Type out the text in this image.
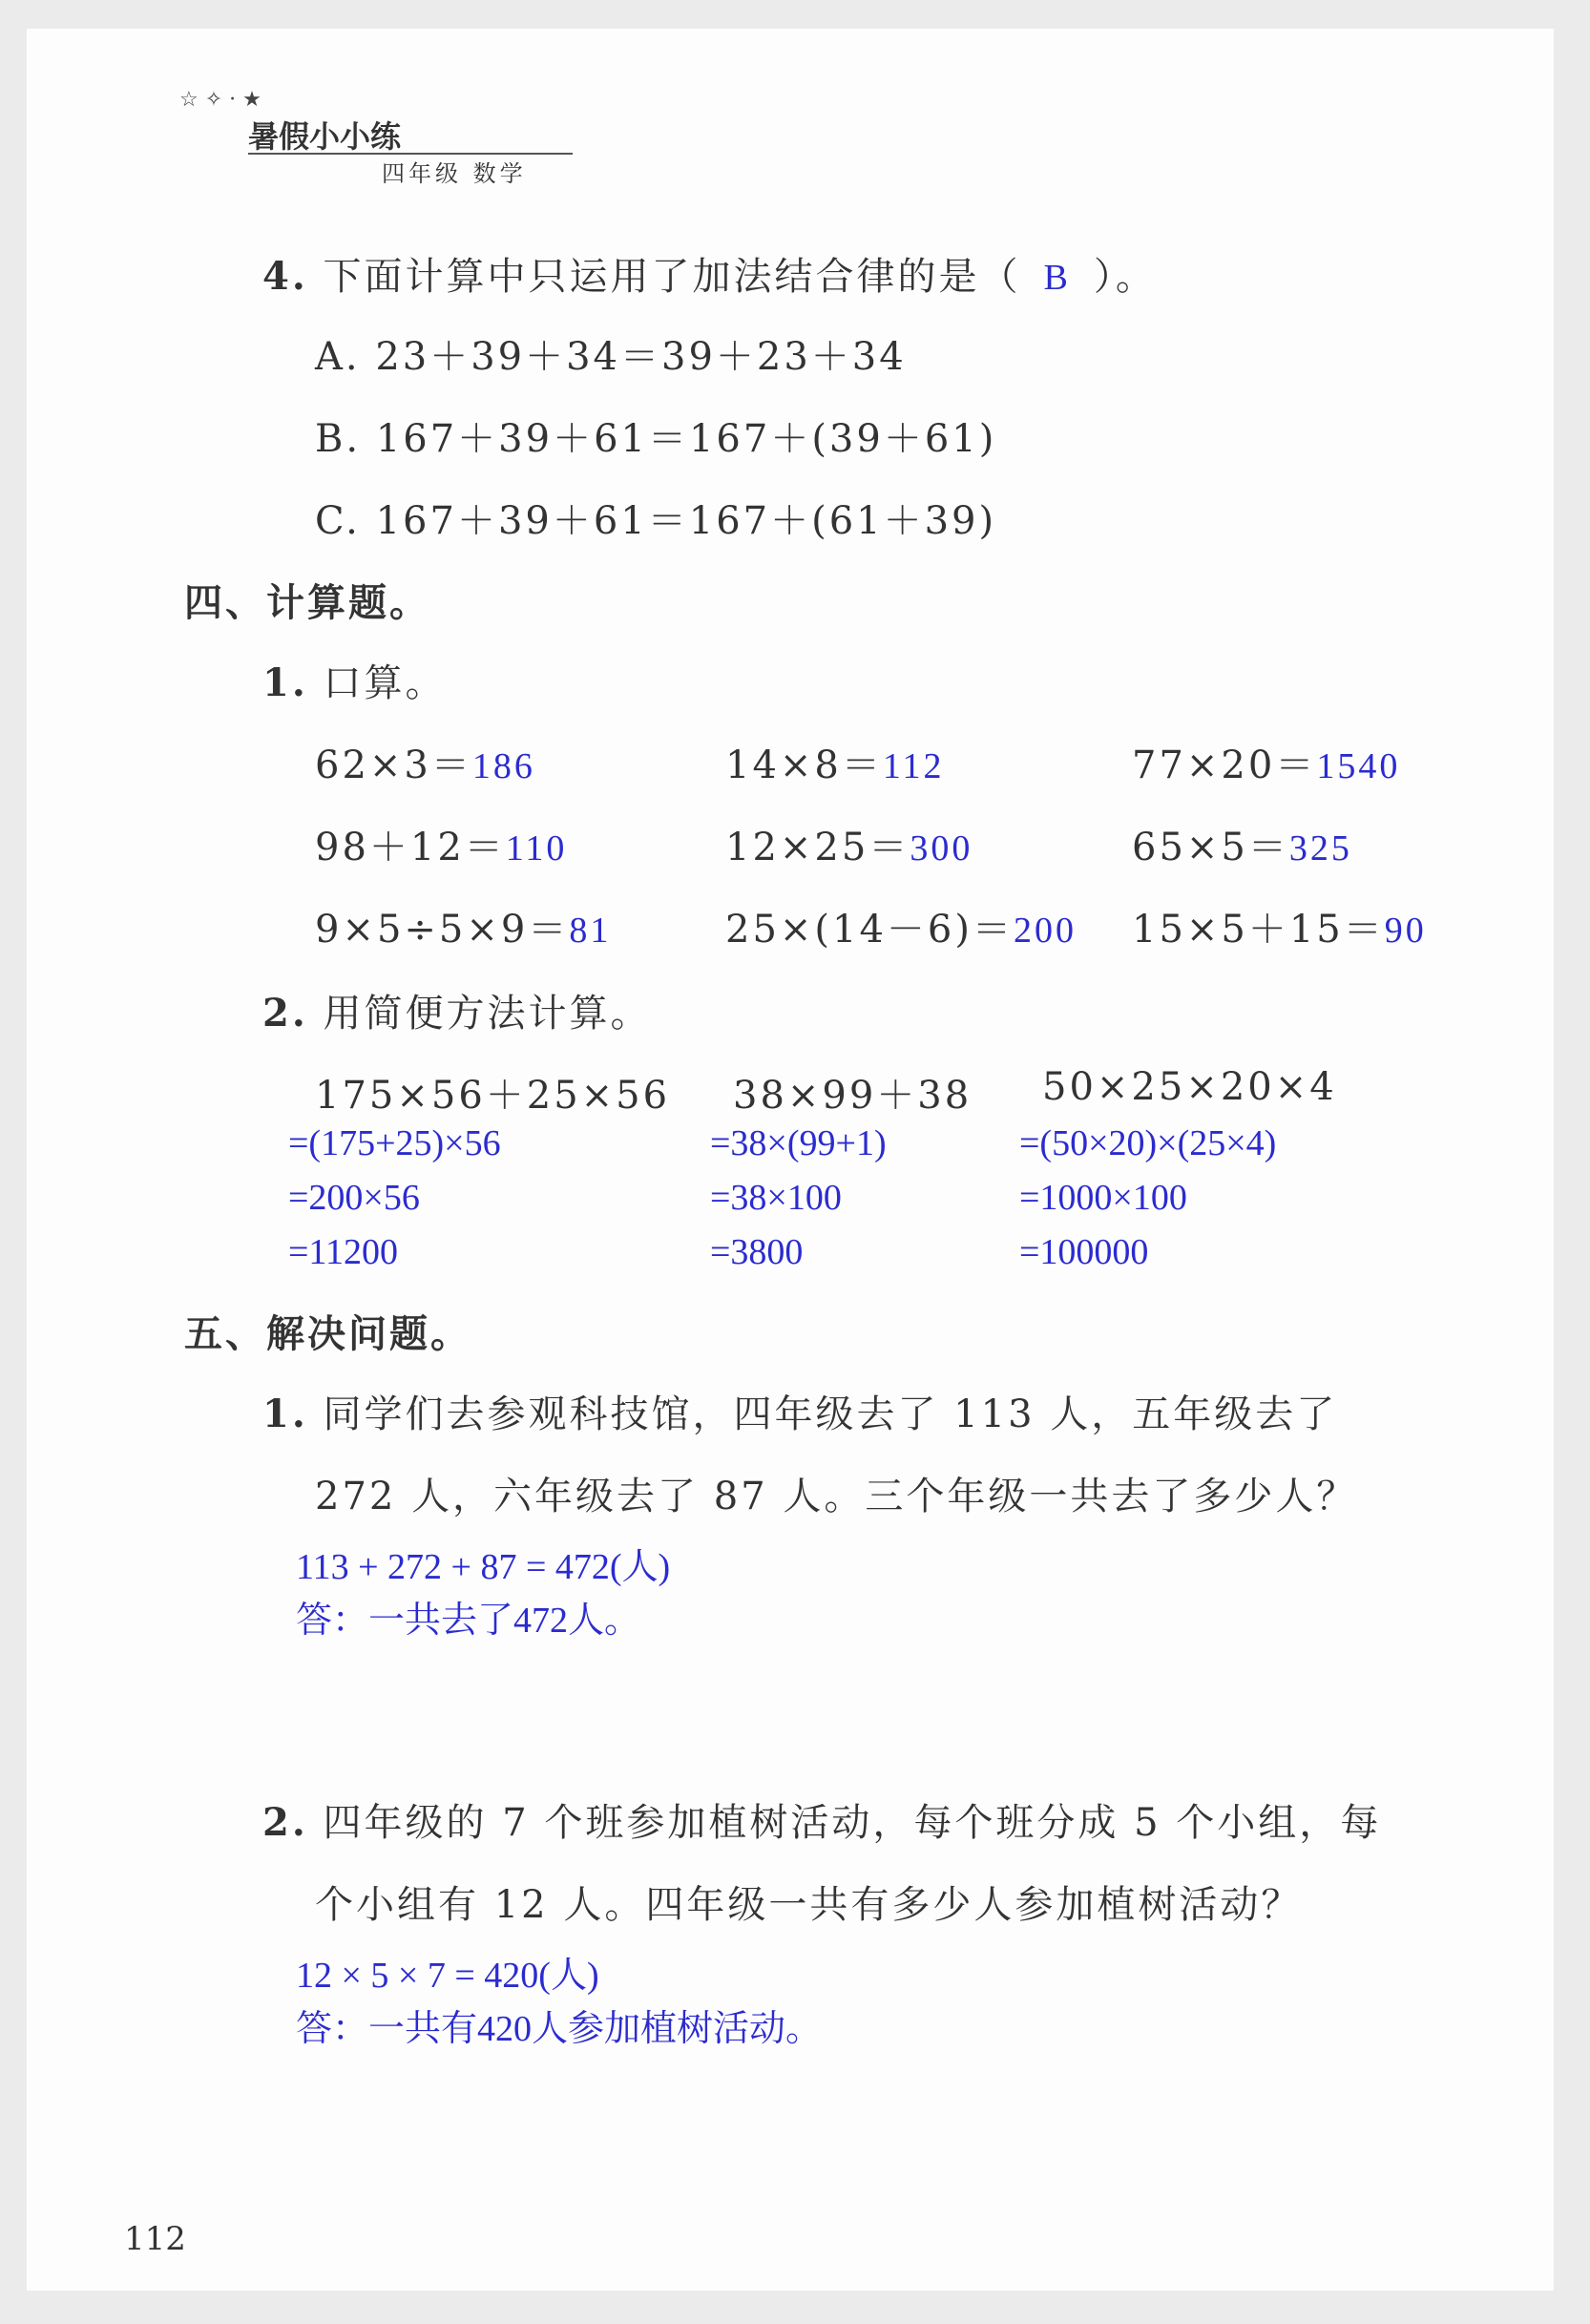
☆ ✧ · ★
暑假小小练
四年级 数学
4. 下面计算中只运用了加法结合律的是（ B ）。
A. 23＋39＋34＝39＋23＋34
B. 167＋39＋61＝167＋(39＋61)
C. 167＋39＋61＝167＋(61＋39)
四、计算题。
1. 口算。
62×3＝186	14×8＝112	77×20＝1540
98＋12＝110	12×25＝300	65×5＝325
9×5÷5×9＝81	25×(14－6)＝200 15×5＋15＝90
2. 用简便方法计算。
175×56＋25×56
=(175+25)×56
=200×56
=11200
38×99＋38
=38×(99+1)
=38×100
=3800
50×25×20×4
=(50×20)×(25×4)
=1000×100
=100000
五、解决问题。
1. 同学们去参观科技馆，四年级去了 113 人，五年级去了
272 人，六年级去了 87 人。三个年级一共去了多少人？
113 + 272 + 87 = 472(人)
答：一共去了472人。
2. 四年级的 7 个班参加植树活动，每个班分成 5 个小组，每
个小组有 12 人。四年级一共有多少人参加植树活动？
12 × 5 × 7 = 420(人)
答：一共有420人参加植树活动。
112
